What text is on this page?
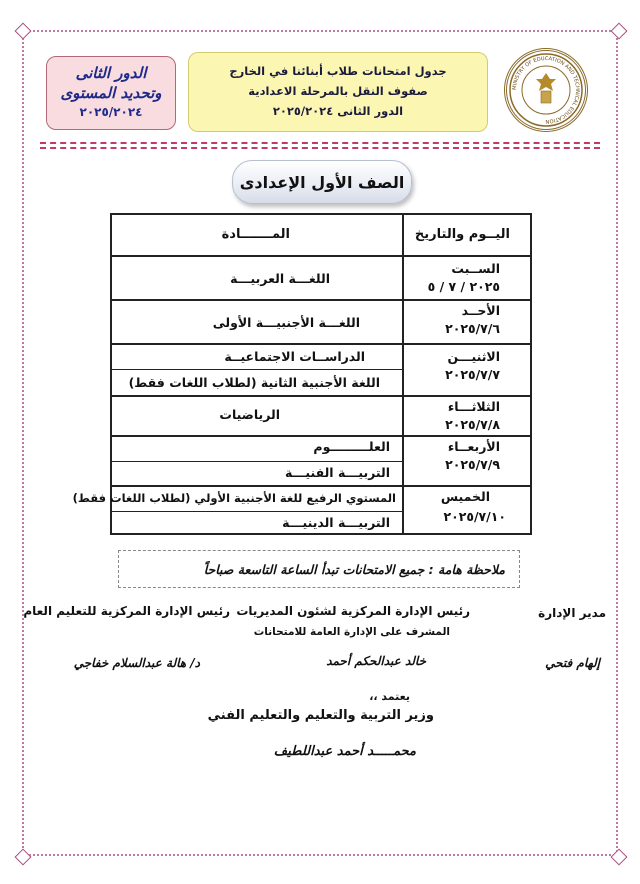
MINISTRY OF EDUCATION AND TECHNICAL EDUCATION
جدول امتحانات طلاب أبنائنا في الخارج
صفوف النقل بالمرحلة الاعدادية
الدور الثانى ٢٠٢٥/٢٠٢٤
الدور الثانى
وتحديد المستوى
٢٠٢٥/٢٠٢٤
الصف الأول الإعدادى
اليــوم والتاريخ
المـــــــادة
الســبت
٢٠٢٥ / ٧ / ٥
اللغـــة العربيـــة
الأحــد
٢٠٢٥/٧/٦
اللغـــة الأجنبيـــة الأولى
الاثنيـــن
٢٠٢٥/٧/٧
الدراســات الاجتماعيــة
اللغة الأجنبية الثانية (لطلاب اللغات فقط)
الثلاثـــاء
٢٠٢٥/٧/٨
الرياضيات
الأربعــاء
٢٠٢٥/٧/٩
العلـــــــــوم
التربيـــة الفنيـــة
الخميس
٢٠٢٥/٧/١٠
المستوي الرفيع للغة الأجنبية الأولي (لطلاب اللغات فقط)
التربيـــة الدينيـــة
ملاحظة هامة : جميع الامتحانات تبدأ الساعة التاسعة صباحاً
مدير الإدارة
رئيس الإدارة المركزية لشئون المديريات
المشرف على الإدارة العامة للامتحانات
رئيس الإدارة المركزية للتعليم العام
إلهام فتحي
خالد عبدالحكم أحمد
د/ هالة عبدالسلام خفاجي
يعتمد ،،
وزير التربية والتعليم والتعليم الفني
محمـــــد أحمد عبداللطيف
